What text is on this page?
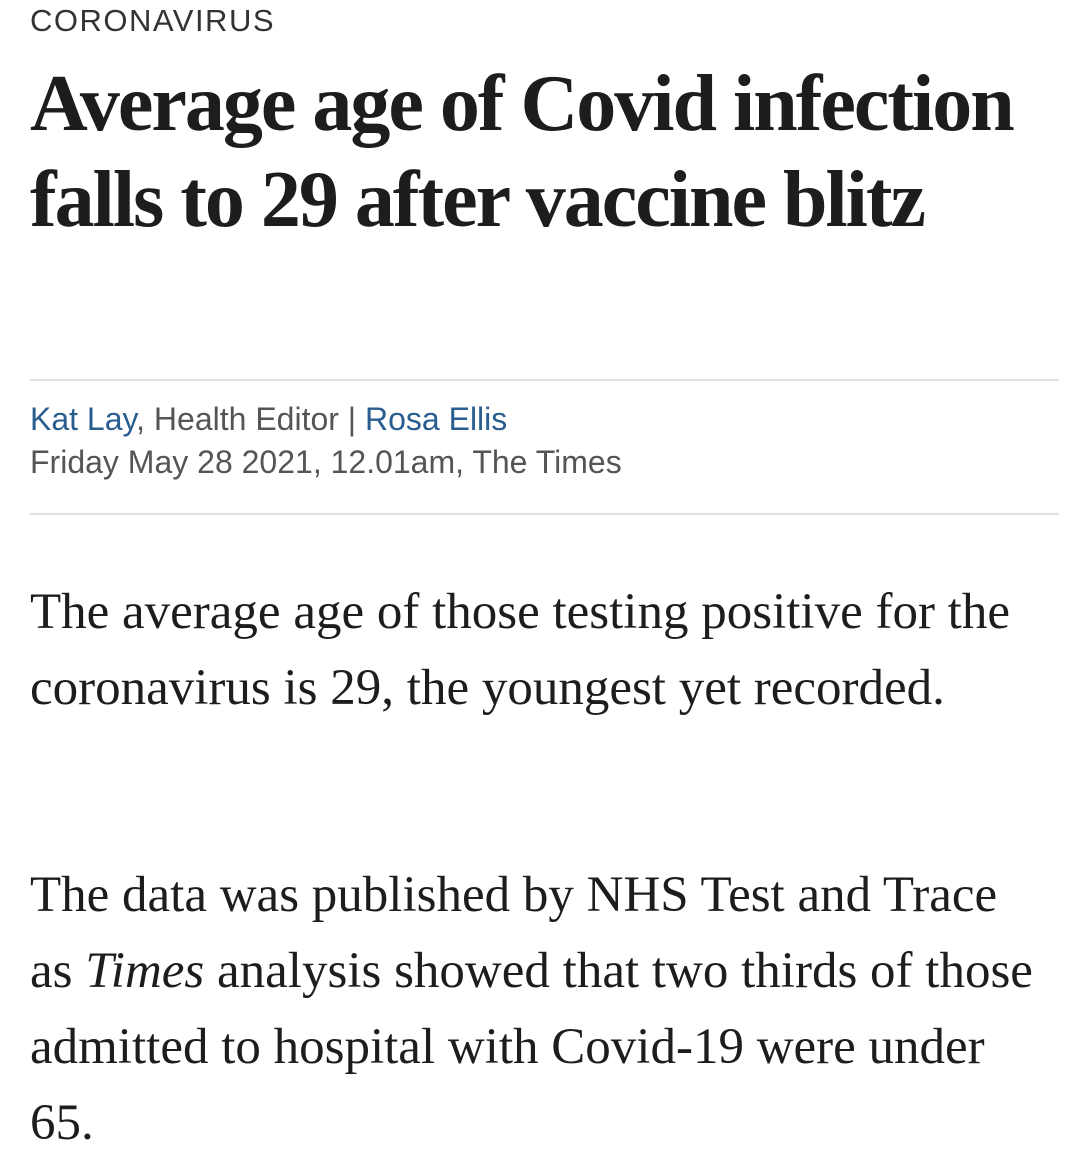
CORONAVIRUS
Average age of Covid infection falls to 29 after vaccine blitz
Kat Lay, Health Editor | Rosa Ellis
Friday May 28 2021, 12.01am, The Times

The average age of those testing positive for the coronavirus is 29, the youngest yet recorded.

The data was published by NHS Test and Trace as Times analysis showed that two thirds of those admitted to hospital with Covid-19 were under 65.
